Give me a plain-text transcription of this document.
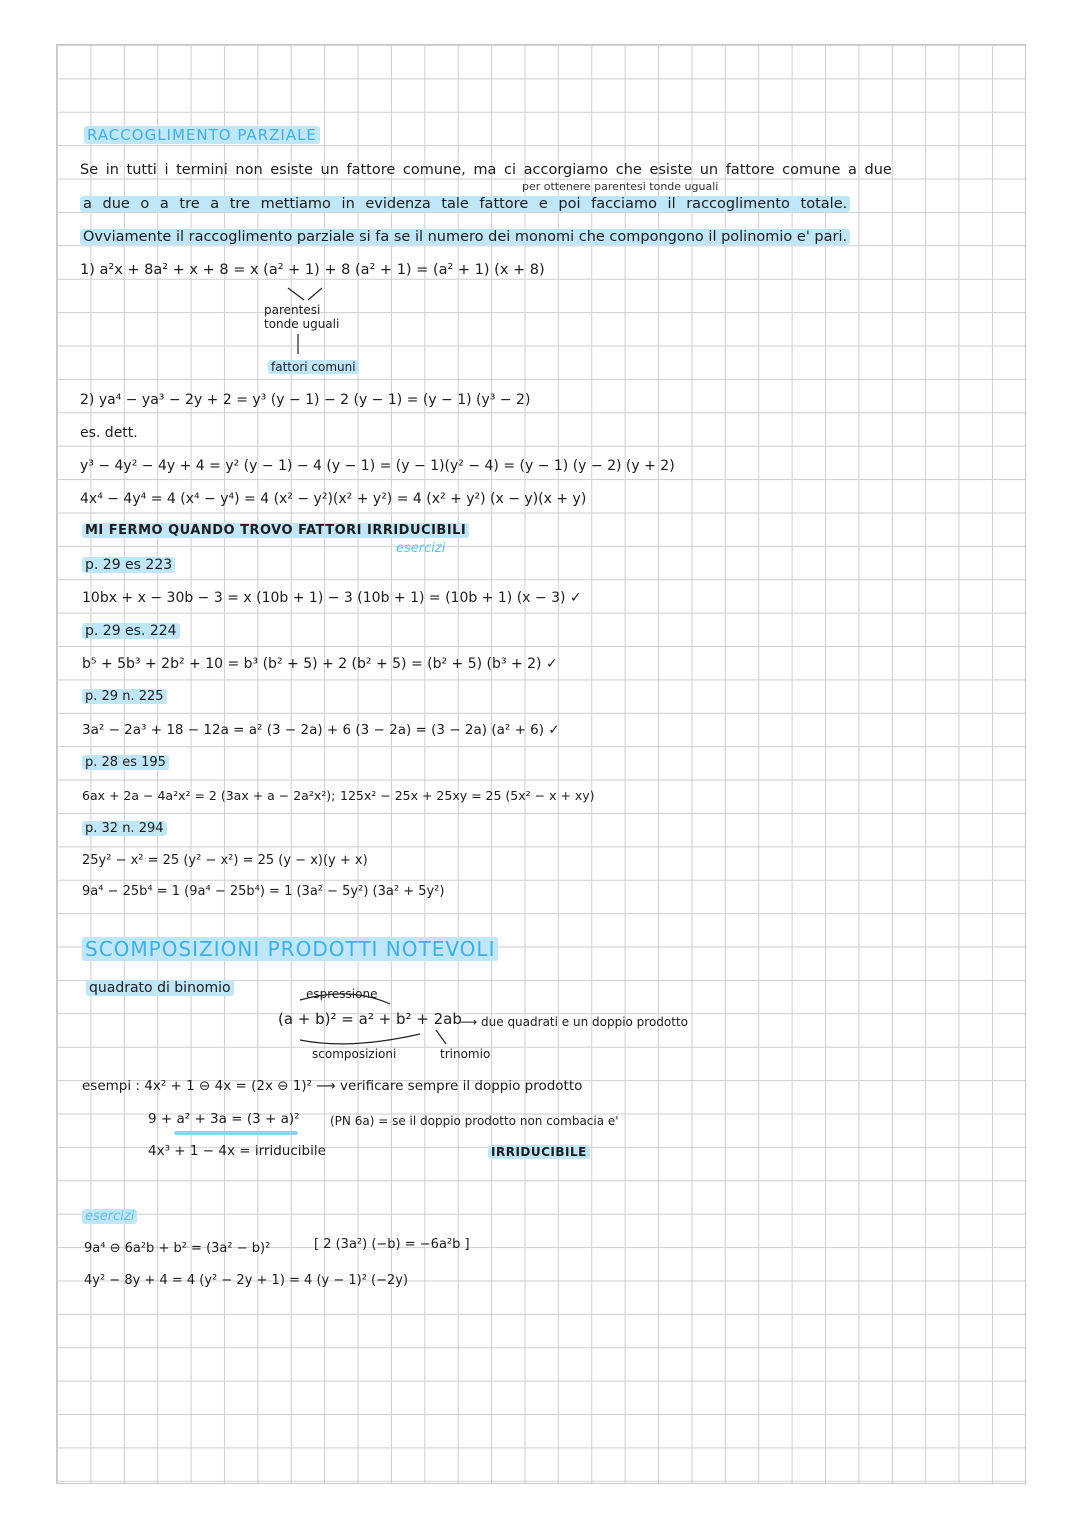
RACCOGLIMENTO PARZIALE
Se in tutti i termini non esiste un fattore comune, ma ci accorgiamo che esiste un fattore comune a due
per ottenere parentesi tonde uguali
a due o a tre a tre mettiamo in evidenza tale fattore e poi facciamo il raccoglimento totale.
Ovviamente il raccoglimento parziale si fa se il numero dei monomi che compongono il polinomio e' pari.
1) a²x + 8a² + x + 8 = x (a² + 1) + 8 (a² + 1) = (a² + 1) (x + 8)
parentesi
tonde uguali
fattori comuni
2) ya⁴ − ya³ − 2y + 2 = y³ (y − 1) − 2 (y − 1) = (y − 1) (y³ − 2)
es. dett.
y³ − 4y² − 4y + 4 = y² (y − 1) − 4 (y − 1) = (y − 1)(y² − 4) = (y − 1) (y − 2) (y + 2)
4x⁴ − 4y⁴ = 4 (x⁴ − y⁴) = 4 (x² − y²)(x² + y²) = 4 (x² + y²) (x − y)(x + y)
MI FERMO QUANDO TROVO FATTORI IRRIDUCIBILI
esercizi
p. 29 es 223
10bx + x − 30b − 3 = x (10b + 1) − 3 (10b + 1) = (10b + 1) (x − 3) ✓
p. 29 es. 224
b⁵ + 5b³ + 2b² + 10 = b³ (b² + 5) + 2 (b² + 5) = (b² + 5) (b³ + 2) ✓
p. 29 n. 225
3a² − 2a³ + 18 − 12a = a² (3 − 2a) + 6 (3 − 2a) = (3 − 2a) (a² + 6) ✓
p. 28 es 195
6ax + 2a − 4a²x² = 2 (3ax + a − 2a²x²); 125x² − 25x + 25xy = 25 (5x² − x + xy)
p. 32 n. 294
25y² − x² = 25 (y² − x²) = 25 (y − x)(y + x)
9a⁴ − 25b⁴ = 1 (9a⁴ − 25b⁴) = 1 (3a² − 5y²) (3a² + 5y²)
SCOMPOSIZIONI PRODOTTI NOTEVOLI
quadrato di binomio	espressione
(a + b)² = a² + b² + 2ab
⟶ due quadrati e un doppio prodotto
scomposizioni	trinomio
esempi : 4x² + 1 ⊖ 4x = (2x ⊖ 1)² ⟶ verificare sempre il doppio prodotto
9 + a² + 3a = (3 + a)²	(PN 6a) = se il doppio prodotto non combacia e'
4x³ + 1 − 4x = irriducibile	IRRIDUCIBILE
esercizi
9a⁴ ⊖ 6a²b + b² = (3a² − b)²	[ 2 (3a²) (−b) = −6a²b ]
4y² − 8y + 4 = 4 (y² − 2y + 1) = 4 (y − 1)² (−2y)
